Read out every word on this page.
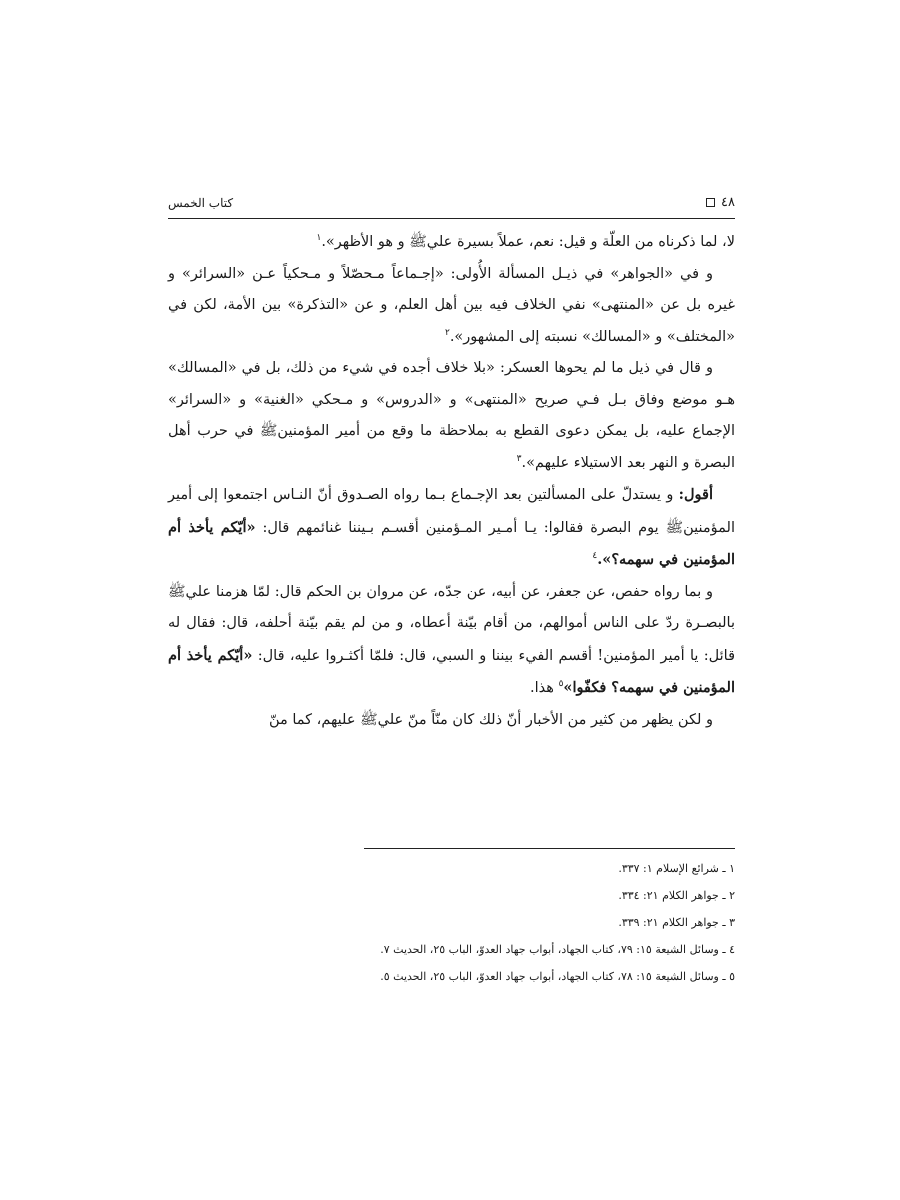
٤٨
كتاب الخمس

لا، لما ذكرناه من العلّة و قيل: نعم، عملاً بسيرة عليﷺ و هو الأظهر».$^١$

و في «الجواهر» في ذيـل المسألة الأُولى: «إجـماعاً مـحصّلاً و مـحكياً عـن «السرائر» و غيره بل عن «المنتهى» نفي الخلاف فيه بين أهل العلم، و عن «التذكرة» بين الأمة، لكن في «المختلف» و «المسالك» نسبته إلى المشهور».$^٢$

و قال في ذيل ما لم يحوها العسكر: «بلا خلاف أجده في شيء من ذلك، بل في «المسالك» هـو موضع وفاق بـل فـي صريح «المنتهى» و «الدروس» و مـحكي «الغنية» و «السرائر» الإجماع عليه، بل يمكن دعوى القطع به بملاحظة ما وقع من أمير المؤمنينﷺ في حرب أهل البصرة و النهر بعد الاستيلاء عليهم».$^٣$

أقول: و يستدلّ على المسألتين بعد الإجـماع بـما رواه الصـدوق أنّ النـاس اجتمعوا إلى أمير المؤمنينﷺ يوم البصرة فقالوا: يـا أمـير المـؤمنين أقسـم بـيننا غنائمهم قال: «أيّكم يأخذ أم المؤمنين في سهمه؟».$^٤$

و بما رواه حفص، عن جعفر، عن أبيه، عن جدّه، عن مروان بن الحكم قال: لمّا هزمنا عليﷺ بالبصـرة ردّ على الناس أموالهم، من أقام بيّنة أعطاه، و من لم يقم بيّنة أحلفه، قال: فقال له قائل: يا أمير المؤمنين! أقسم الفيء بيننا و السبي، قال: فلمّا أكثـروا عليه، قال: «أيّكم يأخذ أم المؤمنين في سهمه؟ فكفّوا»$^٥$ هذا.

و لكن يظهر من كثير من الأخبار أنّ ذلك كان منّاً منّ عليﷺ عليهم، كما منّ

١ ـ شرائع الإسلام ١: ٣٣٧.
٢ ـ جواهر الكلام ٢١: ٣٣٤.
٣ ـ جواهر الكلام ٢١: ٣٣٩.
٤ ـ وسائل الشيعة ١٥: ٧٩، كتاب الجهاد، أبواب جهاد العدوّ، الباب ٢٥، الحديث ٧.
٥ ـ وسائل الشيعة ١٥: ٧٨، كتاب الجهاد، أبواب جهاد العدوّ، الباب ٢٥، الحديث ٥.
